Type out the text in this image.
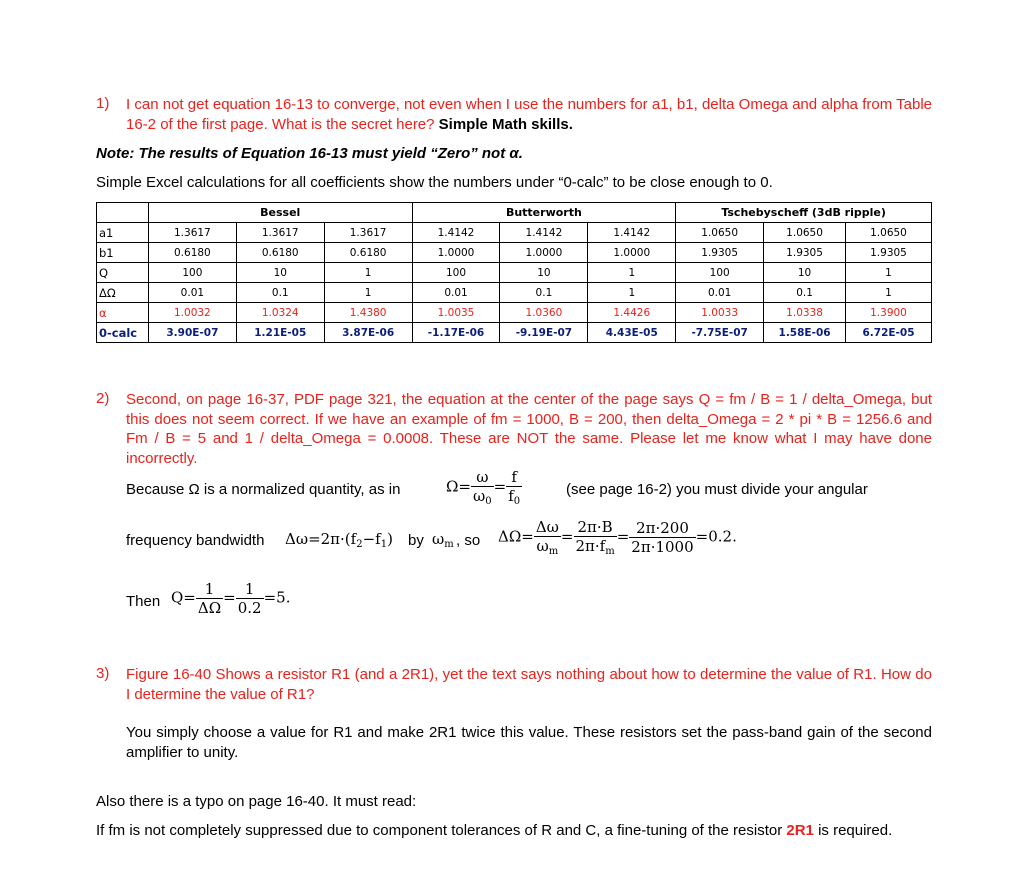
1) I can not get equation 16-13 to converge, not even when I use the numbers for a1, b1, delta Omega and alpha from Table 16-2 of the first page. What is the secret here? Simple Math skills.
Note: The results of Equation 16-13 must yield “Zero” not α.
Simple Excel calculations for all coefficients show the numbers under “0-calc” to be close enough to 0.
	Bessel			Butterworth			Tschebyscheff (3dB ripple)		
a1	1.3617	1.3617	1.3617	1.4142	1.4142	1.4142	1.0650	1.0650	1.0650
b1	0.6180	0.6180	0.6180	1.0000	1.0000	1.0000	1.9305	1.9305	1.9305
Q	100	10	1	100	10	1	100	10	1
ΔΩ	0.01	0.1	1	0.01	0.1	1	0.01	0.1	1
α	1.0032	1.0324	1.4380	1.0035	1.0360	1.4426	1.0033	1.0338	1.3900
0-calc	3.90E-07	1.21E-05	3.87E-06	-1.17E-06	-9.19E-07	4.43E-05	-7.75E-07	1.58E-06	6.72E-05
2) Second, on page 16-37, PDF page 321, the equation at the center of the page says Q = fm / B = 1 / delta_Omega, but this does not seem correct. If we have an example of fm = 1000, B = 200, then delta_Omega = 2 * pi * B = 1256.6 and Fm / B = 5 and 1 / delta_Omega = 0.0008. These are NOT the same. Please let me know what I may have done incorrectly.
Because Ω is a normalized quantity, as in	$\Omega= \frac{\omega}{\omega_0} = \frac{f}{f_0}$	(see page 16-2) you must divide your angular
frequency bandwidth $\Delta\omega=2\pi\cdot(f_2-f_1)$ by $\omega_m$ , so $\Delta\Omega= \frac{\Delta\omega}{\omega_m} = \frac{2\pi\cdot B}{2\pi\cdot f_m} = \frac{2\pi\cdot 200}{2\pi\cdot 1000} =0.2$.
Then $Q= \frac{1}{\Delta\Omega} = \frac{1}{0.2} =5$.
3) Figure 16-40 Shows a resistor R1 (and a 2R1), yet the text says nothing about how to determine the value of R1. How do I determine the value of R1?
You simply choose a value for R1 and make 2R1 twice this value. These resistors set the pass-band gain of the second amplifier to unity.
Also there is a typo on page 16-40. It must read:
If fm is not completely suppressed due to component tolerances of R and C, a fine-tuning of the resistor 2R1 is required.
